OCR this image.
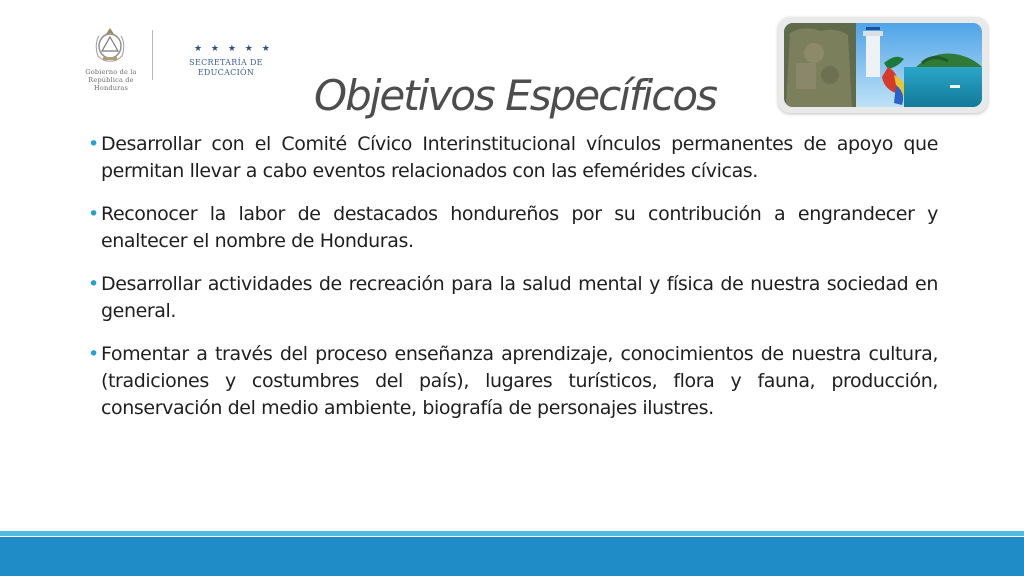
Gobierno de la República de Honduras
★ ★ ★ ★ ★
SECRETARÍA DE EDUCACIÓN	Objetivos Específicos

• Desarrollar con el Comité Cívico Interinstitucional vínculos permanentes de apoyo que permitan llevar a cabo eventos relacionados con las efemérides cívicas.

• Reconocer la labor de destacados hondureños por su contribución a engrandecer y enaltecer el nombre de Honduras.

• Desarrollar actividades de recreación para la salud mental y física de nuestra sociedad en general.

• Fomentar a través del proceso enseñanza aprendizaje, conocimientos de nuestra cultura, (tradiciones y costumbres del país), lugares turísticos, flora y fauna, producción, conservación del medio ambiente, biografía de personajes ilustres.
